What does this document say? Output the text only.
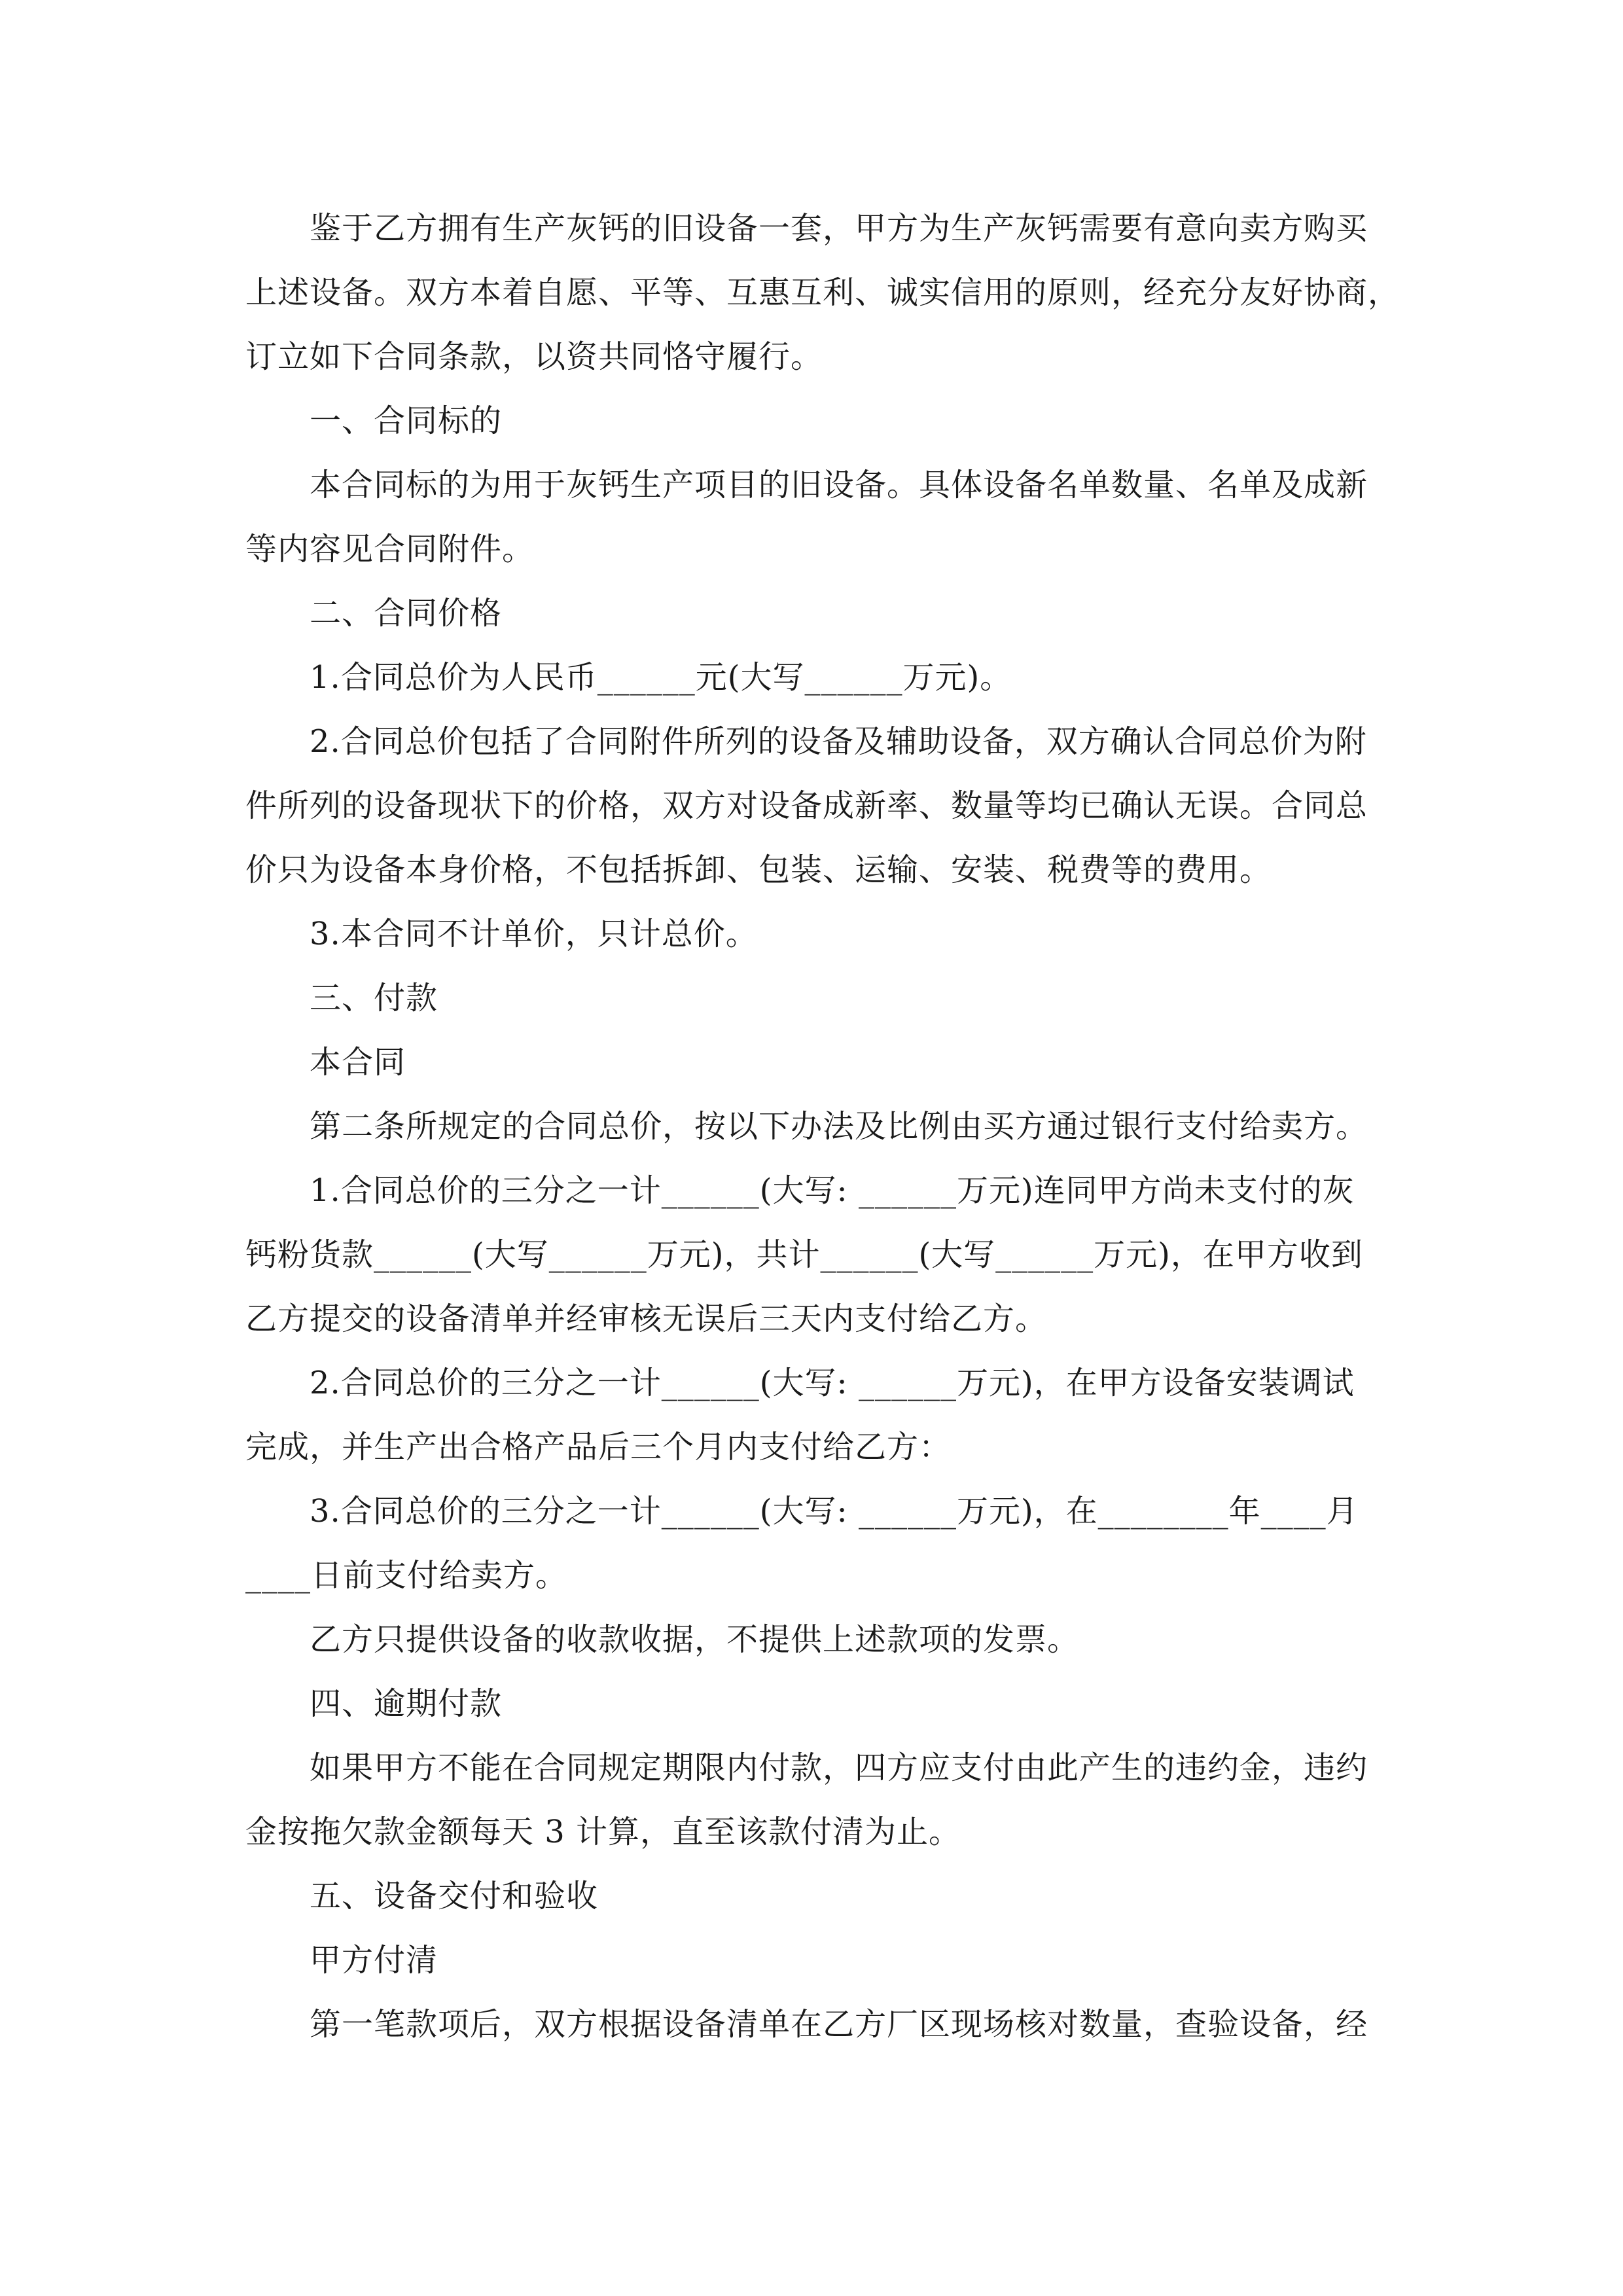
鉴于乙方拥有生产灰钙的旧设备一套，甲方为生产灰钙需要有意向卖方购买
上述设备。双方本着自愿、平等、互惠互利、诚实信用的原则，经充分友好协商，
订立如下合同条款，以资共同恪守履行。
一、合同标的
本合同标的为用于灰钙生产项目的旧设备。具体设备名单数量、名单及成新
等内容见合同附件。
二、合同价格
1.合同总价为人民币______元(大写______万元)。
2.合同总价包括了合同附件所列的设备及辅助设备，双方确认合同总价为附
件所列的设备现状下的价格，双方对设备成新率、数量等均已确认无误。合同总
价只为设备本身价格，不包括拆卸、包装、运输、安装、税费等的费用。
3.本合同不计单价，只计总价。
三、付款
本合同
第二条所规定的合同总价，按以下办法及比例由买方通过银行支付给卖方。
1.合同总价的三分之一计______(大写: ______万元)连同甲方尚未支付的灰
钙粉货款______(大写______万元)，共计______(大写______万元)，在甲方收到
乙方提交的设备清单并经审核无误后三天内支付给乙方。
2.合同总价的三分之一计______(大写: ______万元)，在甲方设备安装调试
完成，并生产出合格产品后三个月内支付给乙方：
3.合同总价的三分之一计______(大写: ______万元)，在________年____月
____日前支付给卖方。
乙方只提供设备的收款收据，不提供上述款项的发票。
四、逾期付款
如果甲方不能在合同规定期限内付款，四方应支付由此产生的违约金，违约
金按拖欠款金额每天 3 计算，直至该款付清为止。
五、设备交付和验收
甲方付清
第一笔款项后，双方根据设备清单在乙方厂区现场核对数量，查验设备，经
